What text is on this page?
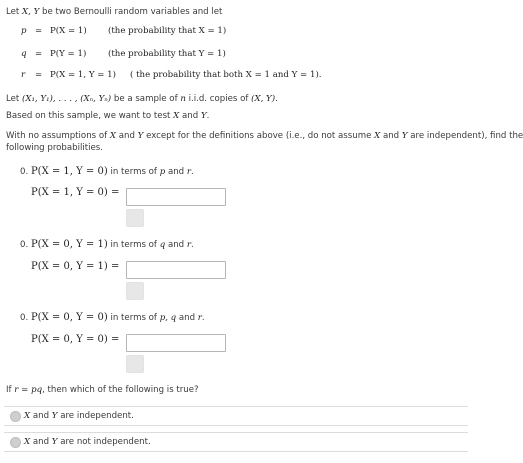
Let X, Y be two Bernoulli random variables and let
p = P(X = 1) (the probability that X = 1)
q = P(Y = 1)	(the probability that Y = 1)
r = P(X = 1, Y = 1) ( the probability that both X = 1 and Y = 1).
Let (X₁, Y₁), . . . , (Xₙ, Yₙ) be a sample of n i.i.d. copies of (X, Y).
Based on this sample, we want to test X and Y.
With no assumptions of X and Y except for the definitions above (i.e., do not assume X and Y are independent), find the
following probabilities.
0. P(X = 1, Y = 0) in terms of p and r.
P(X = 1, Y = 0) =
0. P(X = 0, Y = 1) in terms of q and r.
P(X = 0, Y = 1) =
0. P(X = 0, Y = 0) in terms of p, q and r.
P(X = 0, Y = 0) =
If r = pq, then which of the following is true?
X and Y are independent.
X and Y are not independent.
